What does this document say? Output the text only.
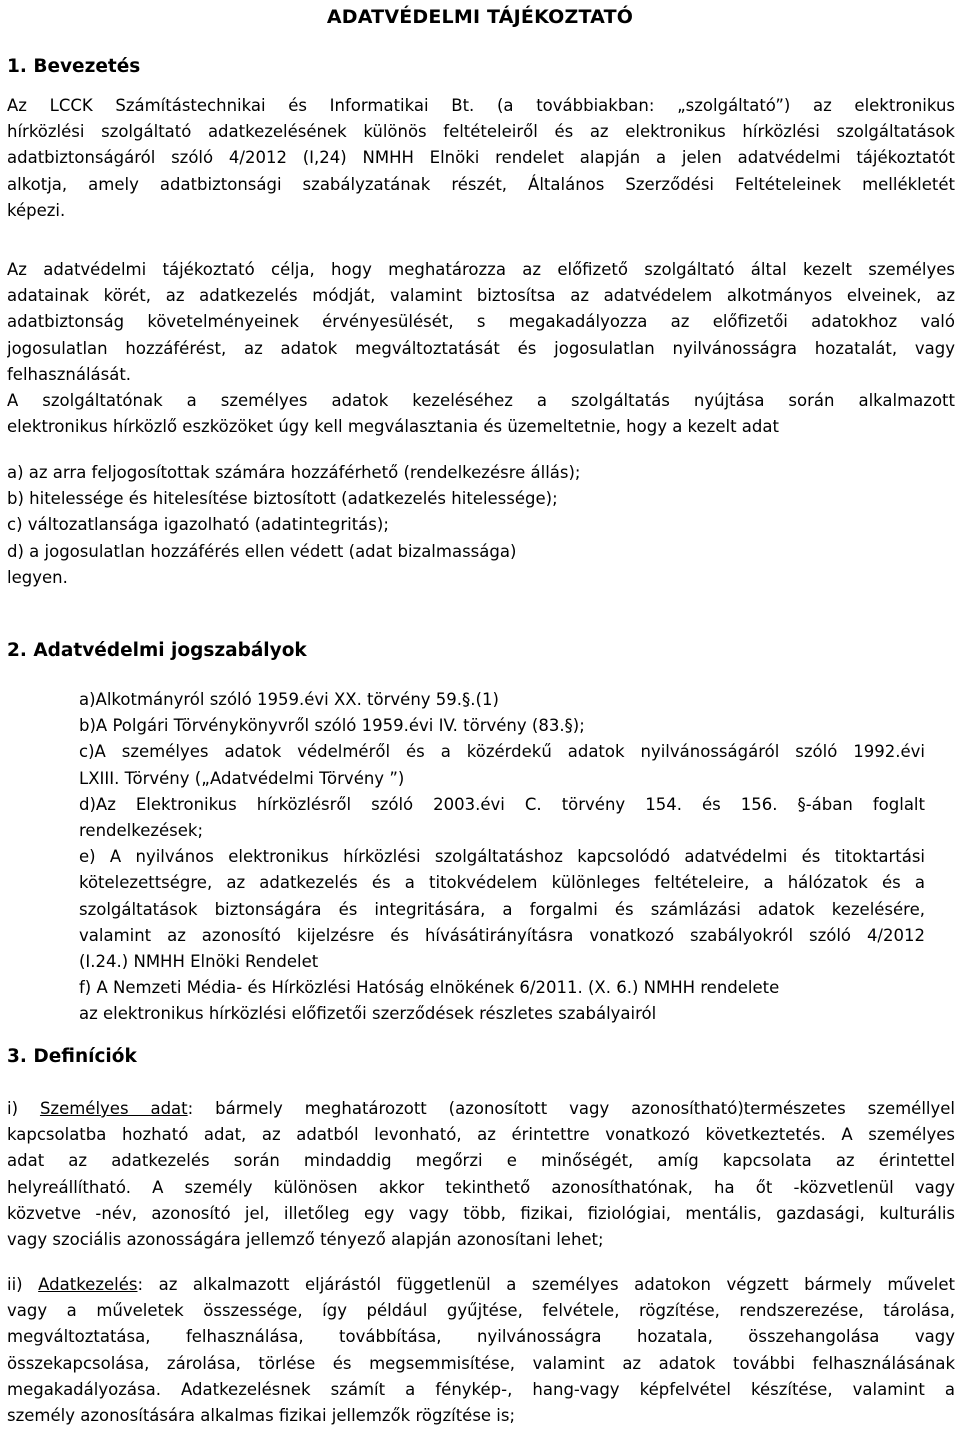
ADATVÉDELMI TÁJÉKOZTATÓ
1. Bevezetés
Az LCCK Számítástechnikai és Informatikai Bt. (a továbbiakban: „szolgáltató”) az elektronikus
hírközlési szolgáltató adatkezelésének különös feltételeiről és az elektronikus hírközlési szolgáltatások
adatbiztonságáról szóló 4/2012 (I,24) NMHH Elnöki rendelet alapján a jelen adatvédelmi tájékoztatót
alkotja, amely adatbiztonsági szabályzatának részét, Általános Szerződési Feltételeinek mellékletét
képezi.
Az adatvédelmi tájékoztató célja, hogy meghatározza az előfizető szolgáltató által kezelt személyes
adatainak körét, az adatkezelés módját, valamint biztosítsa az adatvédelem alkotmányos elveinek, az
adatbiztonság követelményeinek érvényesülését, s megakadályozza az előfizetői adatokhoz való
jogosulatlan hozzáférést, az adatok megváltoztatását és jogosulatlan nyilvánosságra hozatalát, vagy
felhasználását.
A szolgáltatónak a személyes adatok kezeléséhez a szolgáltatás nyújtása során alkalmazott
elektronikus hírközlő eszközöket úgy kell megválasztania és üzemeltetnie, hogy a kezelt adat
a) az arra feljogosítottak számára hozzáférhető (rendelkezésre állás);
b) hitelessége és hitelesítése biztosított (adatkezelés hitelessége);
c) változatlansága igazolható (adatintegritás);
d) a jogosulatlan hozzáférés ellen védett (adat bizalmassága)
legyen.
2. Adatvédelmi jogszabályok
a)Alkotmányról szóló 1959.évi XX. törvény 59.§.(1)
b)A Polgári Törvénykönyvről szóló 1959.évi IV. törvény (83.§);
c)A személyes adatok védelméről és a közérdekű adatok nyilvánosságáról szóló 1992.évi
LXIII. Törvény („Adatvédelmi Törvény ”)
d)Az Elektronikus hírközlésről szóló 2003.évi C. törvény 154. és 156. §-ában foglalt
rendelkezések;
e) A nyilvános elektronikus hírközlési szolgáltatáshoz kapcsolódó adatvédelmi és titoktartási
kötelezettségre, az adatkezelés és a titokvédelem különleges feltételeire, a hálózatok és a
szolgáltatások biztonságára és integritására, a forgalmi és számlázási adatok kezelésére,
valamint az azonosító kijelzésre és hívásátirányításra vonatkozó szabályokról szóló 4/2012
(I.24.) NMHH Elnöki Rendelet
f) A Nemzeti Média- és Hírközlési Hatóság elnökének 6/2011. (X. 6.) NMHH rendelete
az elektronikus hírközlési előfizetői szerződések részletes szabályairól
3. Definíciók
i) Személyes adat: bármely meghatározott (azonosított vagy azonosítható)természetes személlyel
kapcsolatba hozható adat, az adatból levonható, az érintettre vonatkozó következtetés. A személyes
adat az adatkezelés során mindaddig megőrzi e minőségét, amíg kapcsolata az érintettel
helyreállítható. A személy különösen akkor tekinthető azonosíthatónak, ha őt -közvetlenül vagy
közvetve -név, azonosító jel, illetőleg egy vagy több, fizikai, fiziológiai, mentális, gazdasági, kulturális
vagy szociális azonosságára jellemző tényező alapján azonosítani lehet;
ii) Adatkezelés: az alkalmazott eljárástól függetlenül a személyes adatokon végzett bármely művelet
vagy a műveletek összessége, így például gyűjtése, felvétele, rögzítése, rendszerezése, tárolása,
megváltoztatása, felhasználása, továbbítása, nyilvánosságra hozatala, összehangolása vagy
összekapcsolása, zárolása, törlése és megsemmisítése, valamint az adatok további felhasználásának
megakadályozása. Adatkezelésnek számít a fénykép-, hang-vagy képfelvétel készítése, valamint a
személy azonosítására alkalmas fizikai jellemzők rögzítése is;
